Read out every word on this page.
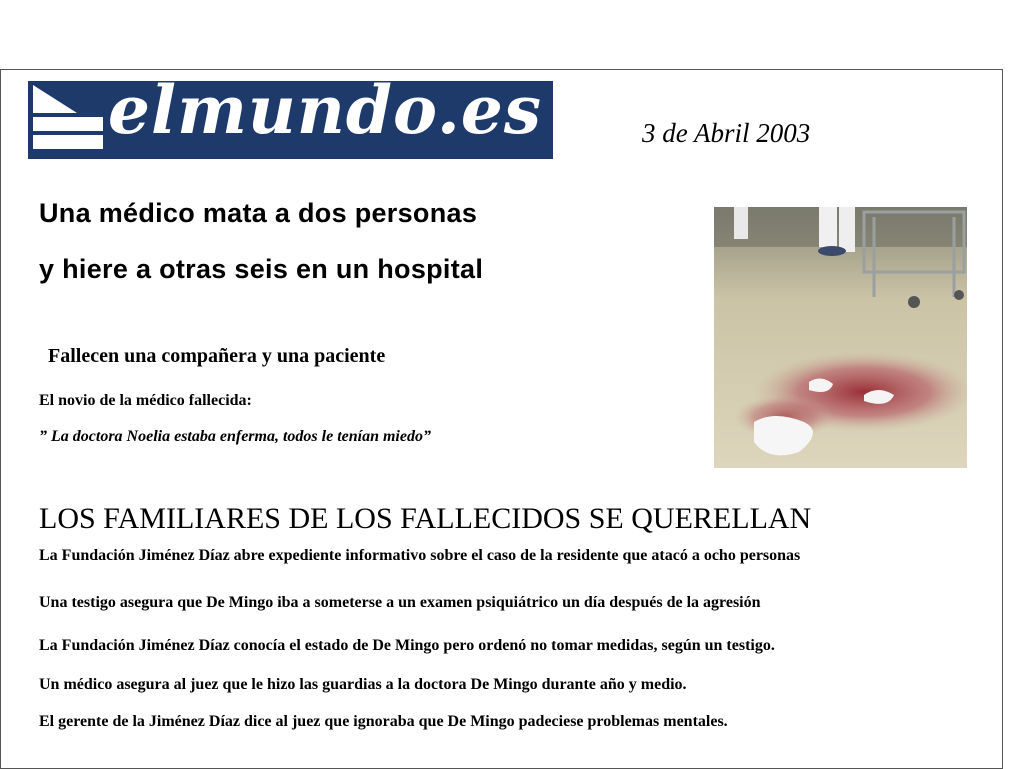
elmundo.es	3 de Abril 2003
Una médico mata a dos personas
y hiere a otras seis en un hospital
Fallecen una compañera y una paciente
El novio de la médico fallecida:
” La doctora Noelia estaba enferma, todos le tenían miedo”
LOS FAMILIARES DE LOS FALLECIDOS SE QUERELLAN
La Fundación Jiménez Díaz abre expediente informativo sobre el caso de la residente que atacó a ocho personas
Una testigo asegura que De Mingo iba a someterse a un examen psiquiátrico un día después de la agresión
La Fundación Jiménez Díaz conocía el estado de De Mingo pero ordenó no tomar medidas, según un testigo.
Un médico asegura al juez que le hizo las guardias a la doctora De Mingo durante año y medio.
El gerente de la Jiménez Díaz dice al juez que ignoraba que De Mingo padeciese problemas mentales.
